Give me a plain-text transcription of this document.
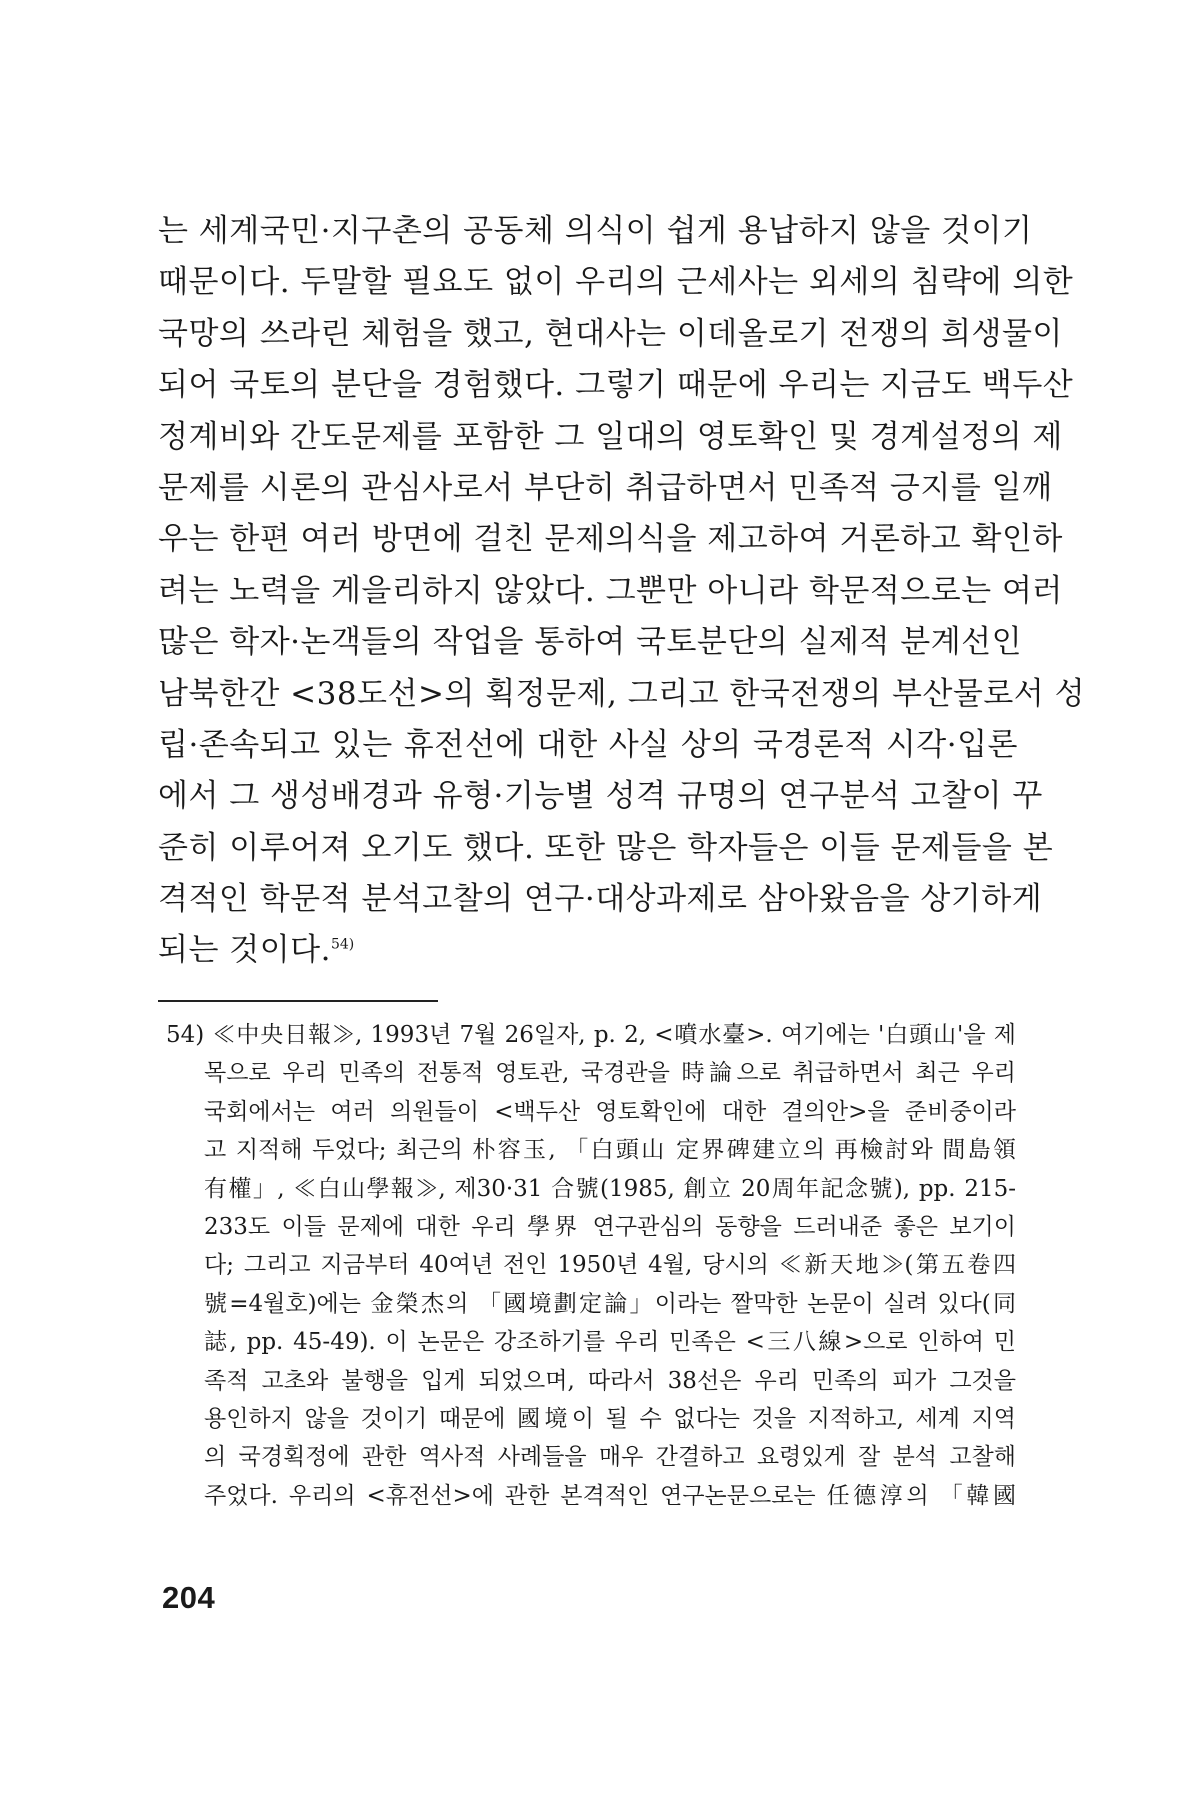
는 세계국민·지구촌의 공동체 의식이 쉽게 용납하지 않을 것이기
때문이다. 두말할 필요도 없이 우리의 근세사는 외세의 침략에 의한
국망의 쓰라린 체험을 했고, 현대사는 이데올로기 전쟁의 희생물이
되어 국토의 분단을 경험했다. 그렇기 때문에 우리는 지금도 백두산
정계비와 간도문제를 포함한 그 일대의 영토확인 및 경계설정의 제
문제를 시론의 관심사로서 부단히 취급하면서 민족적 긍지를 일깨
우는 한편 여러 방면에 걸친 문제의식을 제고하여 거론하고 확인하
려는 노력을 게을리하지 않았다. 그뿐만 아니라 학문적으로는 여러
많은 학자·논객들의 작업을 통하여 국토분단의 실제적 분계선인
남북한간 <38도선>의 획정문제, 그리고 한국전쟁의 부산물로서 성
립·존속되고 있는 휴전선에 대한 사실 상의 국경론적 시각·입론
에서 그 생성배경과 유형·기능별 성격 규명의 연구분석 고찰이 꾸
준히 이루어져 오기도 했다. 또한 많은 학자들은 이들 문제들을 본
격적인 학문적 분석고찰의 연구·대상과제로 삼아왔음을 상기하게
되는 것이다.$^{54)}$
54) ≪中央日報≫, 1993년 7월 26일자, p. 2, <噴水臺>. 여기에는 '白頭山'을 제
목으로 우리 민족의 전통적 영토관, 국경관을 時論으로 취급하면서 최근 우리
국회에서는 여러 의원들이 <백두산 영토확인에 대한 결의안>을 준비중이라
고 지적해 두었다; 최근의 朴容玉, 「白頭山 定界碑建立의 再檢討와 間島領
有權」, ≪白山學報≫, 제30·31 合號(1985, 創立 20周年記念號), pp. 215-
233도 이들 문제에 대한 우리 學界 연구관심의 동향을 드러내준 좋은 보기이
다; 그리고 지금부터 40여년 전인 1950년 4월, 당시의 ≪新天地≫(第五卷四
號=4월호)에는 金榮杰의 「國境劃定論」이라는 짤막한 논문이 실려 있다(同
誌, pp. 45-49). 이 논문은 강조하기를 우리 민족은 <三八線>으로 인하여 민
족적 고초와 불행을 입게 되었으며, 따라서 38선은 우리 민족의 피가 그것을
용인하지 않을 것이기 때문에 國境이 될 수 없다는 것을 지적하고, 세계 지역
의 국경획정에 관한 역사적 사례들을 매우 간결하고 요령있게 잘 분석 고찰해
주었다. 우리의 <휴전선>에 관한 본격적인 연구논문으로는 任德淳의 「韓國
204
